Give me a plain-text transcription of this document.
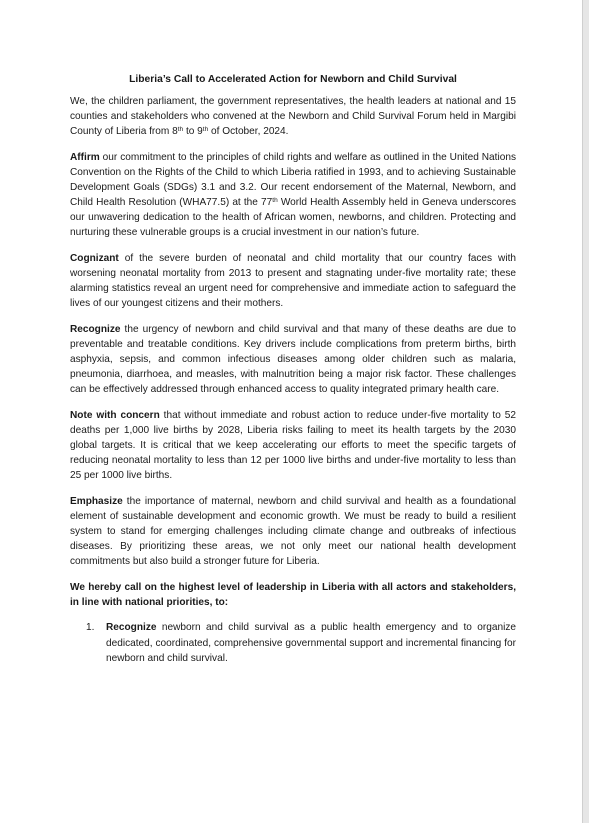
Liberia’s Call to Accelerated Action for Newborn and Child Survival

We, the children parliament, the government representatives, the health leaders at national and 15 counties and stakeholders who convened at the Newborn and Child Survival Forum held in Margibi County of Liberia from 8th to 9th of October, 2024.

Affirm our commitment to the principles of child rights and welfare as outlined in the United Nations Convention on the Rights of the Child to which Liberia ratified in 1993, and to achieving Sustainable Development Goals (SDGs) 3.1 and 3.2. Our recent endorsement of the Maternal, Newborn, and Child Health Resolution (WHA77.5) at the 77th World Health Assembly held in Geneva underscores our unwavering dedication to the health of African women, newborns, and children. Protecting and nurturing these vulnerable groups is a crucial investment in our nation’s future.

Cognizant of the severe burden of neonatal and child mortality that our country faces with worsening neonatal mortality from 2013 to present and stagnating under-five mortality rate; these alarming statistics reveal an urgent need for comprehensive and immediate action to safeguard the lives of our youngest citizens and their mothers.

Recognize the urgency of newborn and child survival and that many of these deaths are due to preventable and treatable conditions. Key drivers include complications from preterm births, birth asphyxia, sepsis, and common infectious diseases among older children such as malaria, pneumonia, diarrhoea, and measles, with malnutrition being a major risk factor. These challenges can be effectively addressed through enhanced access to quality integrated primary health care.

Note with concern that without immediate and robust action to reduce under-five mortality to 52 deaths per 1,000 live births by 2028, Liberia risks failing to meet its health targets by the 2030 global targets. It is critical that we keep accelerating our efforts to meet the specific targets of reducing neonatal mortality to less than 12 per 1000 live births and under-five mortality to less than 25 per 1000 live births.

Emphasize the importance of maternal, newborn and child survival and health as a foundational element of sustainable development and economic growth. We must be ready to build a resilient system to stand for emerging challenges including climate change and outbreaks of infectious diseases. By prioritizing these areas, we not only meet our national health development commitments but also build a stronger future for Liberia.

We hereby call on the highest level of leadership in Liberia with all actors and stakeholders, in line with national priorities, to:

1. Recognize newborn and child survival as a public health emergency and to organize dedicated, coordinated, comprehensive governmental support and incremental financing for newborn and child survival.
